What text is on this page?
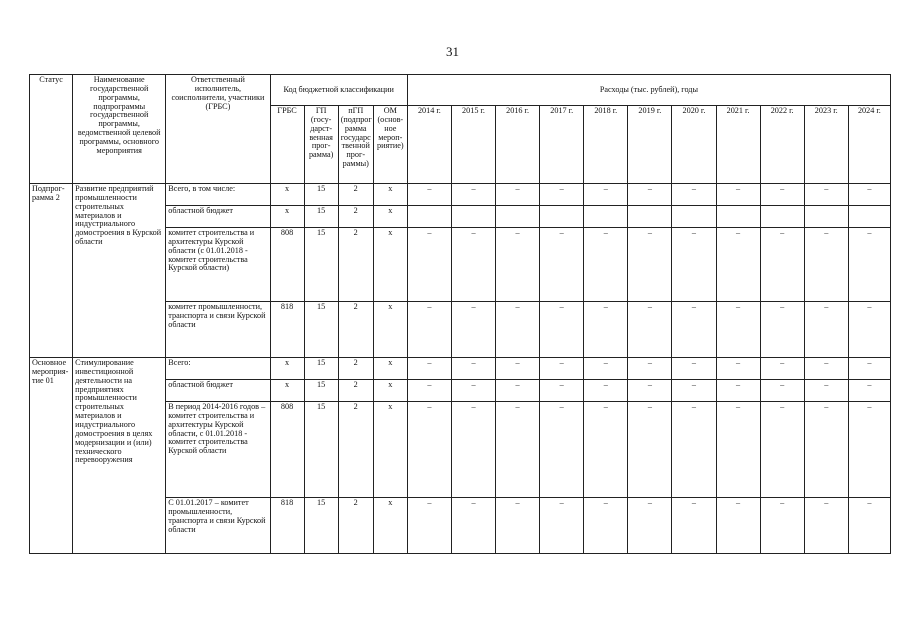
31
Статус	Наименование государственной программы, подпрограммы государственной программы, ведомственной целевой программы, основного мероприятия	Ответственный исполнитель, соисполнители, участники (ГРБС)	Код бюджетной классификации				Расходы (тыс. рублей), годы										
			ГРБС	ГП (госу-дарст-венная прог-рамма)	пГП (подпрог рамма государс твенной прог-раммы)	ОМ (основ-ное мероп-риятие)	2014 г.	2015 г.	2016 г.	2017 г.	2018 г.	2019 г.	2020 г.	2021 г.	2022 г.	2023 г.	2024 г.
Подпрог-рамма 2	Развитие предприятий промышленности строительных материалов и индустриального домостроения в Курской области	Всего, в том числе:	x	15	2	x	–	–	–	–	–	–	–	–	–	–	–
		областной бюджет	x	15	2	x											
		комитет строительства и архитектуры Курской области (с 01.01.2018 - комитет строительства Курской области)	808	15	2	x	–	–	–	–	–	–	–	–	–	–	–
		комитет промышленности, транспорта и связи Курской области	818	15	2	x	–	–	–	–	–	–	–	–	–	–	–
Основное мероприя-тие 01	Стимулирование инвестиционной деятельности на предприятиях промышленности строительных материалов и индустриального домостроения в целях модернизации и (или) технического перевооружения	Всего:	x	15	2	x	–	–	–	–	–	–	–	–	–	–	–
		областной бюджет	x	15	2	x	–	–	–	–	–	–	–	–	–	–	–
		В период 2014-2016 годов – комитет строительства и архитектуры Курской области, с 01.01.2018 - комитет строительства Курской области	808	15	2	x	–	–	–	–	–	–	–	–	–	–	–
		С 01.01.2017 – комитет промышленности, транспорта и связи Курской области	818	15	2	x	–	–	–	–	–	–	–	–	–	–	–
